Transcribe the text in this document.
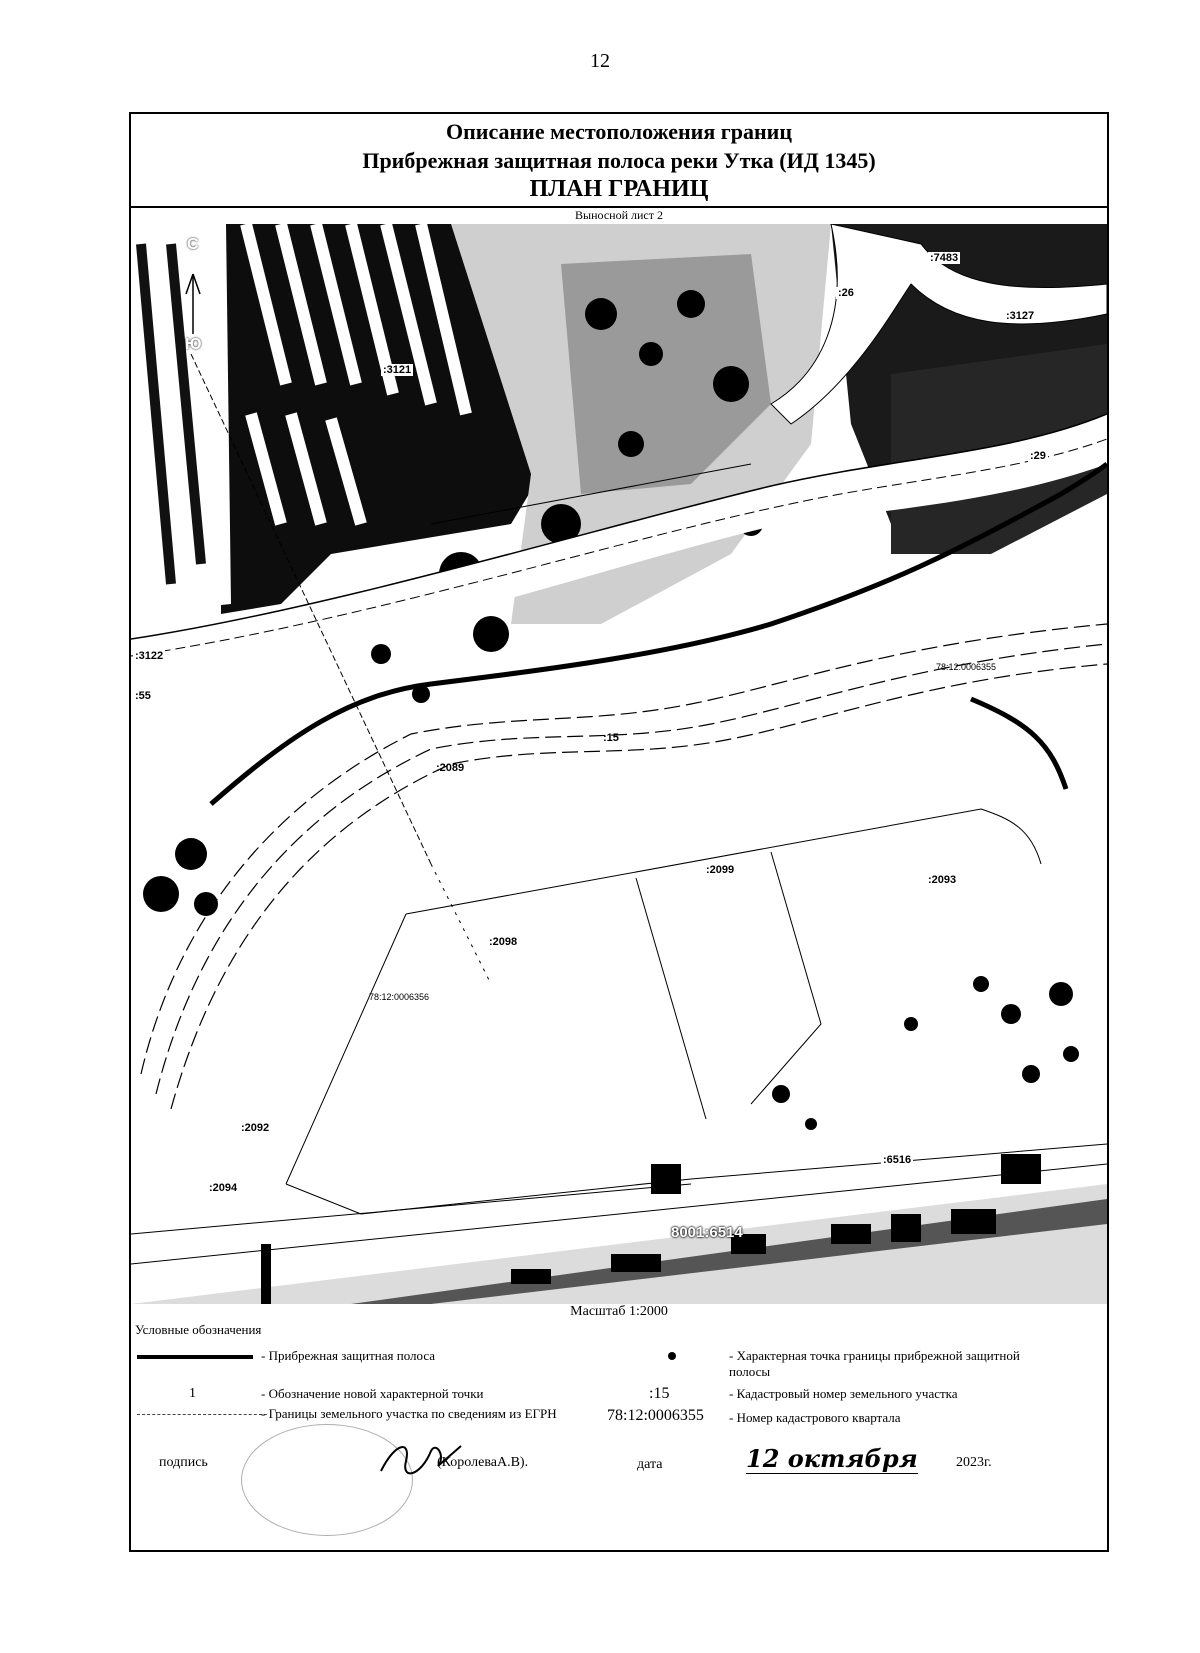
12
Описание местоположения границ
Прибрежная защитная полоса реки Утка (ИД 1345)
ПЛАН ГРАНИЦ
Выносной лист 2
С
Ю
:7483
:26
:3127
:3121
:29
:3122
:55
78:12:0006355
:15
:2089
:2099
:2093
:2098
78:12:0006356
:2092
:2094
:6516
8001:6514
Масштаб 1:2000
Условные обозначения
- Прибрежная защитная полоса	- Характерная точка границы прибрежной защитной полосы
1	- Обозначение новой характерной точки	:15	- Кадастровый номер земельного участка
- Границы земельного участка по сведениям из ЕГРН	78:12:0006355 - Номер кадастрового квартала
подпись	(КоролеваА.В).	дата	12 октября	2023г.
